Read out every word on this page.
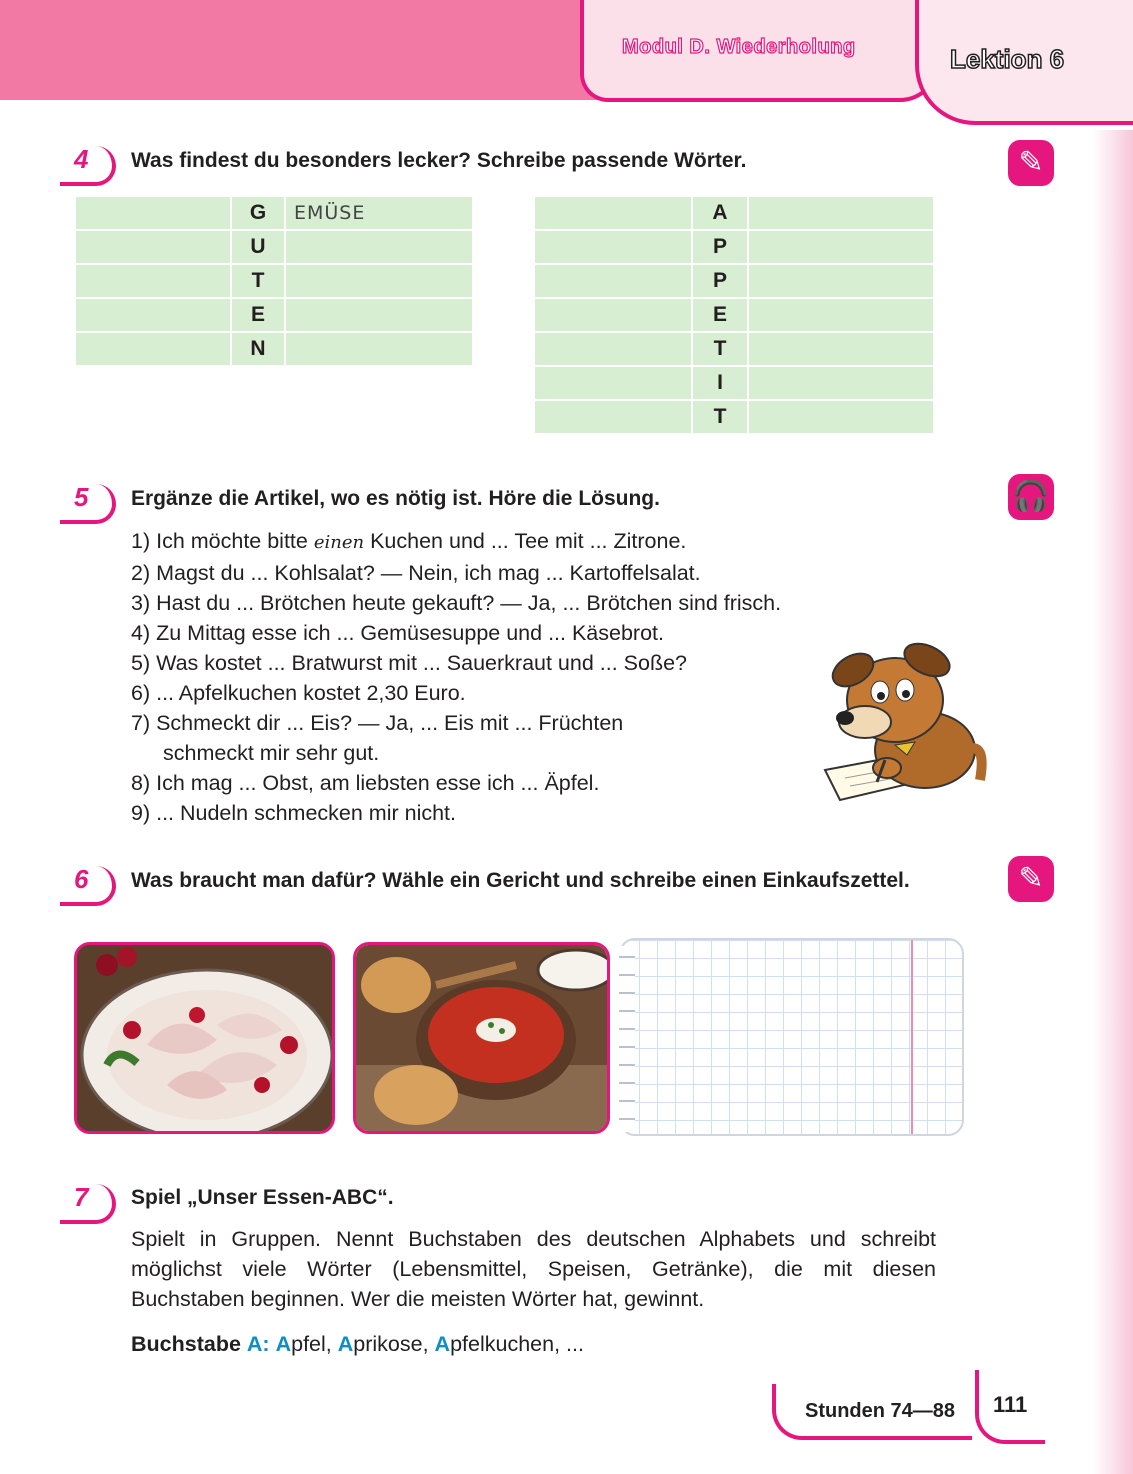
Modul D. Wiederholung	Lektion 6
4 Was findest du besonders lecker? Schreibe passende Wörter.	✎
	G	EMÜSE
	U	
	T	
	E	
	N	
	A	
	P	
	P	
	E	
	T	
	I	
	T	
5 Ergänze die Artikel, wo es nötig ist. Höre die Lösung.	🎧
1) Ich möchte bitte einen Kuchen und ... Tee mit ... Zitrone.
2) Magst du ... Kohlsalat? — Nein, ich mag ... Kartoffelsalat.
3) Hast du ... Brötchen heute gekauft? — Ja, ... Brötchen sind frisch.
4) Zu Mittag esse ich ... Gemüsesuppe und ... Käsebrot.
5) Was kostet ... Bratwurst mit ... Sauerkraut und ... Soße?
6) ... Apfelkuchen kostet 2,30 Euro.
7) Schmeckt dir ... Eis? — Ja, ... Eis mit ... Früchten
schmeckt mir sehr gut.
8) Ich mag ... Obst, am liebsten esse ich ... Äpfel.
9) ... Nudeln schmecken mir nicht.
6 Was braucht man dafür? Wähle ein Gericht und schreibe einen Einkaufszettel.	✎
7 Spiel „Unser Essen-ABC“.
Spielt in Gruppen. Nennt Buchstaben des deutschen Alphabets und schreibt möglichst viele Wörter (Lebensmittel, Speisen, Getränke), die mit diesen Buchstaben beginnen. Wer die meisten Wörter hat, gewinnt.
Buchstabe A: Apfel, Aprikose, Apfelkuchen, ...
Stunden 74—88 111
